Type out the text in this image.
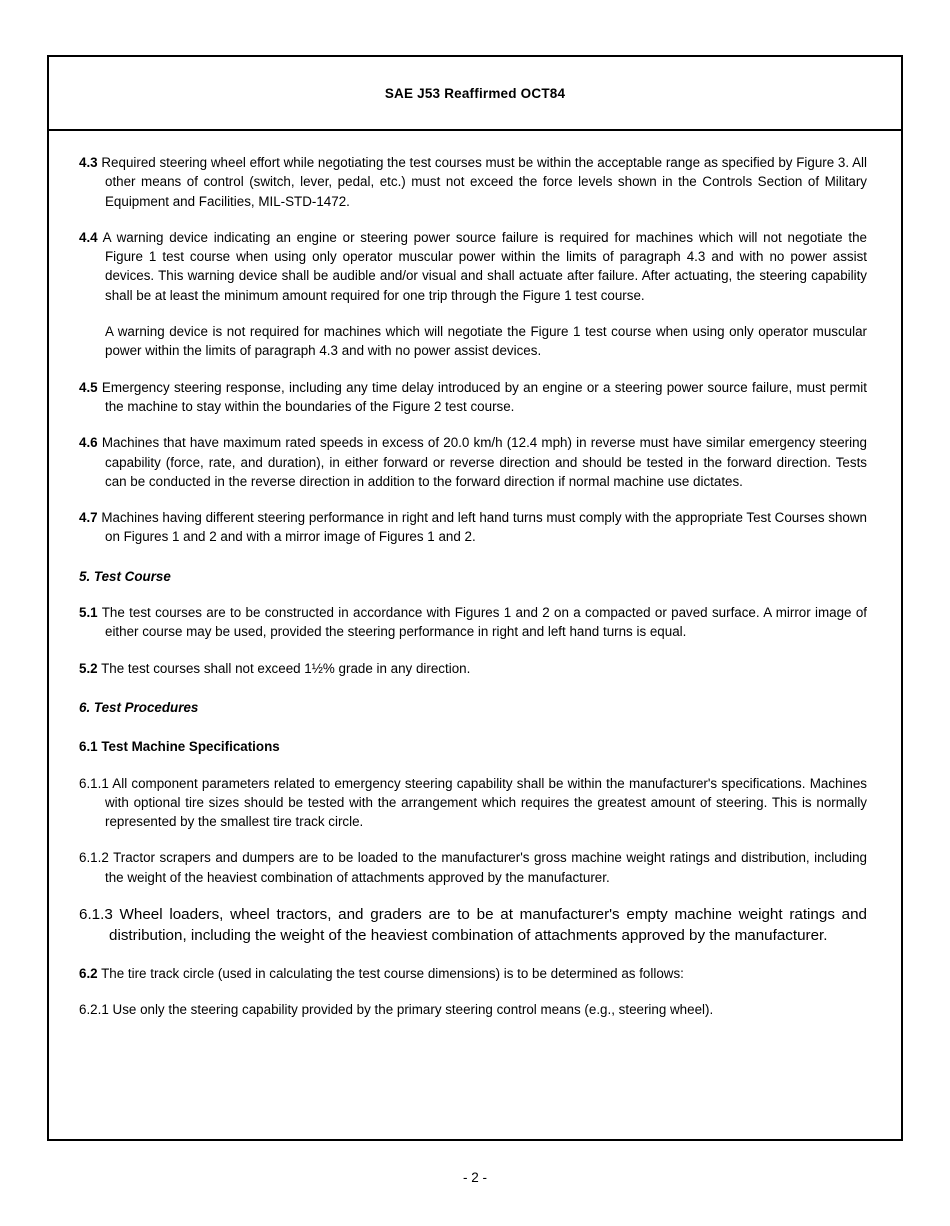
SAE J53 Reaffirmed OCT84
4.3 Required steering wheel effort while negotiating the test courses must be within the acceptable range as specified by Figure 3. All other means of control (switch, lever, pedal, etc.) must not exceed the force levels shown in the Controls Section of Military Equipment and Facilities, MIL-STD-1472.
4.4 A warning device indicating an engine or steering power source failure is required for machines which will not negotiate the Figure 1 test course when using only operator muscular power within the limits of paragraph 4.3 and with no power assist devices. This warning device shall be audible and/or visual and shall actuate after failure. After actuating, the steering capability shall be at least the minimum amount required for one trip through the Figure 1 test course.
A warning device is not required for machines which will negotiate the Figure 1 test course when using only operator muscular power within the limits of paragraph 4.3 and with no power assist devices.
4.5 Emergency steering response, including any time delay introduced by an engine or a steering power source failure, must permit the machine to stay within the boundaries of the Figure 2 test course.
4.6 Machines that have maximum rated speeds in excess of 20.0 km/h (12.4 mph) in reverse must have similar emergency steering capability (force, rate, and duration), in either forward or reverse direction and should be tested in the forward direction. Tests can be conducted in the reverse direction in addition to the forward direction if normal machine use dictates.
4.7 Machines having different steering performance in right and left hand turns must comply with the appropriate Test Courses shown on Figures 1 and 2 and with a mirror image of Figures 1 and 2.
5. Test Course
5.1 The test courses are to be constructed in accordance with Figures 1 and 2 on a compacted or paved surface. A mirror image of either course may be used, provided the steering performance in right and left hand turns is equal.
5.2 The test courses shall not exceed 1½% grade in any direction.
6. Test Procedures
6.1 Test Machine Specifications
6.1.1 All component parameters related to emergency steering capability shall be within the manufacturer's specifications. Machines with optional tire sizes should be tested with the arrangement which requires the greatest amount of steering. This is normally represented by the smallest tire track circle.
6.1.2 Tractor scrapers and dumpers are to be loaded to the manufacturer's gross machine weight ratings and distribution, including the weight of the heaviest combination of attachments approved by the manufacturer.
6.1.3 Wheel loaders, wheel tractors, and graders are to be at manufacturer's empty machine weight ratings and distribution, including the weight of the heaviest combination of attachments approved by the manufacturer.
6.2 The tire track circle (used in calculating the test course dimensions) is to be determined as follows:
6.2.1 Use only the steering capability provided by the primary steering control means (e.g., steering wheel).
- 2 -
